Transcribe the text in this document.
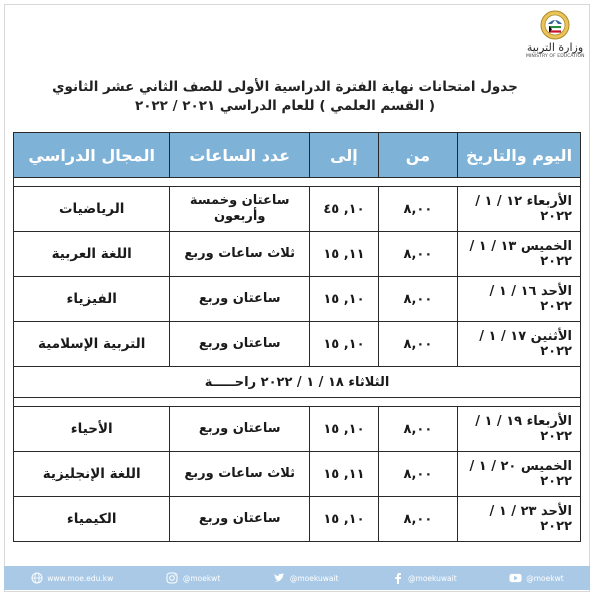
وزارة التربية
MINISTRY OF EDUCATION
جدول امتحانات نهاية الفترة الدراسية الأولى للصف الثاني عشر الثانوي
( القسم العلمي ) للعام الدراسي ٢٠٢١ / ٢٠٢٢
اليوم والتاريخ	من	إلى	عدد الساعات	المجال الدراسي

الأربعاء ١٢ / ١ / ٢٠٢٢	٨,٠٠	١٠, ٤٥	ساعتان وخمسة وأربعون	الرياضيات
الخميس ١٣ / ١ / ٢٠٢٢	٨,٠٠	١١, ١٥	ثلاث ساعات وربع	اللغة العربية
الأحد ١٦ / ١ / ٢٠٢٢	٨,٠٠	١٠, ١٥	ساعتان وربع	الفيزياء
الأثنين ١٧ / ١ / ٢٠٢٢	٨,٠٠	١٠, ١٥	ساعتان وربع	التربية الإسلامية
الثلاثاء ١٨ / ١ / ٢٠٢٢ راحـــــة				

الأربعاء ١٩ / ١ / ٢٠٢٢	٨,٠٠	١٠, ١٥	ساعتان وربع	الأحياء
الخميس ٢٠ / ١ / ٢٠٢٢	٨,٠٠	١١, ١٥	ثلاث ساعات وربع	اللغة الإنجليزية
الأحد ٢٣ / ١ / ٢٠٢٢	٨,٠٠	١٠, ١٥	ساعتان وربع	الكيمياء
www.moe.edu.kw	@moekwt	@moekuwait	@moekuwait	@moekwt
